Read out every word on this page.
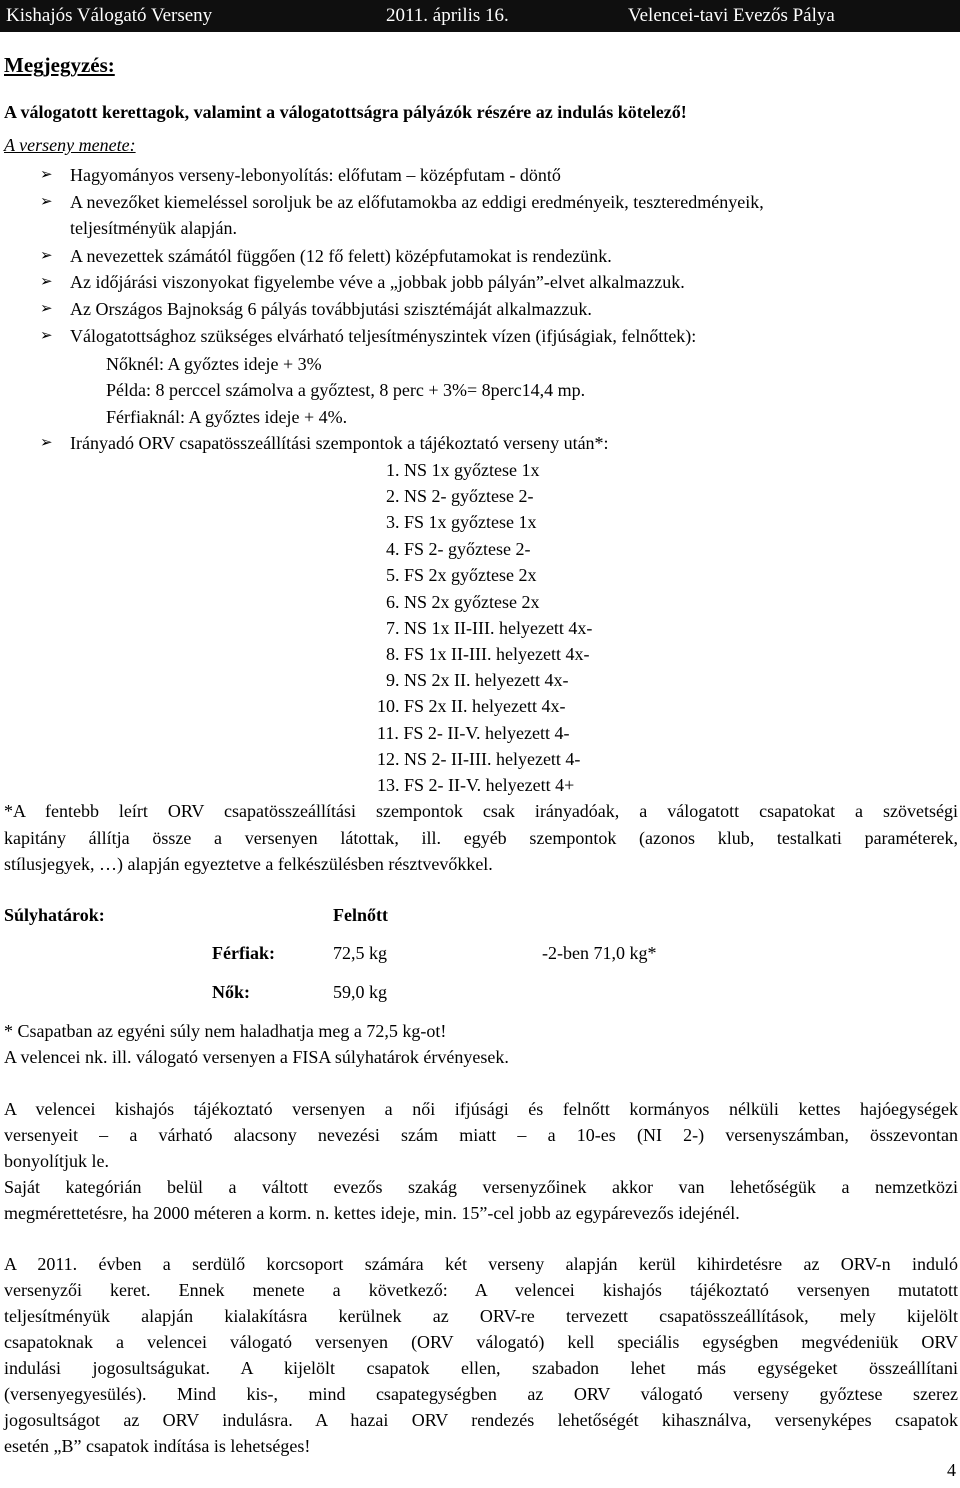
Kishajós Válogató Verseny	2011. április 16.	Velencei-tavi Evezős Pálya
Megjegyzés:
A válogatott kerettagok, valamint a válogatottságra pályázók részére az indulás kötelező!
A verseny menete:
➢ Hagyományos verseny-lebonyolítás: előfutam – középfutam - döntő
➢ A nevezőket kiemeléssel soroljuk be az előfutamokba az eddigi eredményeik, teszteredményeik,
teljesítményük alapján.
➢ A nevezettek számától függően (12 fő felett) középfutamokat is rendezünk.
➢ Az időjárási viszonyokat figyelembe véve a „jobbak jobb pályán”-elvet alkalmazzuk.
➢ Az Országos Bajnokság 6 pályás továbbjutási szisztémáját alkalmazzuk.
➢ Válogatottsághoz szükséges elvárható teljesítményszintek vízen (ifjúságiak, felnőttek):
Nőknél: A győztes ideje + 3%
Példa: 8 perccel számolva a győztest, 8 perc + 3%= 8perc14,4 mp.
Férfiaknál: A győztes ideje + 4%.
➢ Irányadó ORV csapatösszeállítási szempontok a tájékoztató verseny után*:
1. NS 1x győztese 1x
2. NS 2- győztese 2-
3. FS 1x győztese 1x
4. FS 2- győztese 2-
5. FS 2x győztese 2x
6. NS 2x győztese 2x
7. NS 1x II-III. helyezett 4x-
8. FS 1x II-III. helyezett 4x-
9. NS 2x II. helyezett 4x-
10. FS 2x II. helyezett 4x-
11. FS 2- II-V. helyezett 4-
12. NS 2- II-III. helyezett 4-
13. FS 2- II-V. helyezett 4+
*A fentebb leírt ORV csapatösszeállítási szempontok csak irányadóak, a válogatott csapatokat a szövetségi
kapitány állítja össze a versenyen látottak, ill. egyéb szempontok (azonos klub, testalkati paraméterek,
stílusjegyek, …) alapján egyeztetve a felkészülésben résztvevőkkel.
Súlyhatárok:	Felnőtt
Férfiak:	72,5 kg	-2-ben 71,0 kg*
Nők:	59,0 kg
* Csapatban az egyéni súly nem haladhatja meg a 72,5 kg-ot!
A velencei nk. ill. válogató versenyen a FISA súlyhatárok érvényesek.
A velencei kishajós tájékoztató versenyen a női ifjúsági és felnőtt kormányos nélküli kettes hajóegységek
versenyeit – a várható alacsony nevezési szám miatt – a 10-es (NI 2-) versenyszámban, összevontan
bonyolítjuk le.
Saját kategórián belül a váltott evezős szakág versenyzőinek akkor van lehetőségük a nemzetközi
megmérettetésre, ha 2000 méteren a korm. n. kettes ideje, min. 15”-cel jobb az egypárevezős idejénél.
A 2011. évben a serdülő korcsoport számára két verseny alapján kerül kihirdetésre az ORV-n induló
versenyzői keret. Ennek menete a következő: A velencei kishajós tájékoztató versenyen mutatott
teljesítményük alapján kialakításra kerülnek az ORV-re tervezett csapatösszeállítások, mely kijelölt
csapatoknak a velencei válogató versenyen (ORV válogató) kell speciális egységben megvédeniük ORV
indulási jogosultságukat. A kijelölt csapatok ellen, szabadon lehet más egységeket összeállítani
(versenyegyesülés). Mind kis-, mind csapategységben az ORV válogató verseny győztese szerez
jogosultságot az ORV indulásra. A hazai ORV rendezés lehetőségét kihasználva, versenyképes csapatok
esetén „B” csapatok indítása is lehetséges!
4
